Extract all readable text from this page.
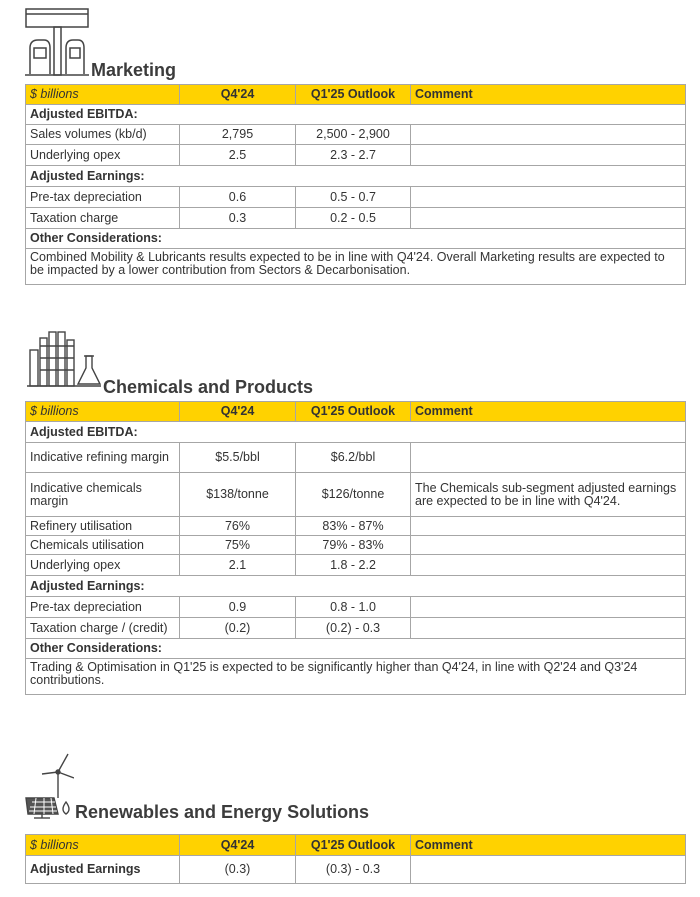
Marketing
$ billions	Q4'24	Q1'25 Outlook	Comment
Adjusted EBITDA:			
Sales volumes (kb/d)	2,795	2,500 - 2,900	
Underlying opex	2.5	2.3 - 2.7	
Adjusted Earnings:			
Pre-tax depreciation	0.6	0.5 - 0.7	
Taxation charge	0.3	0.2 - 0.5	
Other Considerations:			
Combined Mobility & Lubricants results expected to be in line with Q4'24. Overall Marketing results are expected to be impacted by a lower contribution from Sectors & Decarbonisation.			
Chemicals and Products
$ billions	Q4'24	Q1'25 Outlook	Comment
Adjusted EBITDA:			
Indicative refining margin	$5.5/bbl	$6.2/bbl	
Indicative chemicals margin	$138/tonne	$126/tonne	The Chemicals sub-segment adjusted earnings are expected to be in line with Q4'24.
Refinery utilisation	76%	83% - 87%	
Chemicals utilisation	75%	79% - 83%	
Underlying opex	2.1	1.8 - 2.2	
Adjusted Earnings:			
Pre-tax depreciation	0.9	0.8 - 1.0	
Taxation charge / (credit)	(0.2)	(0.2) - 0.3	
Other Considerations:			
Trading & Optimisation in Q1'25 is expected to be significantly higher than Q4'24, in line with Q2'24 and Q3'24 contributions.			
Renewables and Energy Solutions
$ billions	Q4'24	Q1'25 Outlook	Comment
Adjusted Earnings	(0.3)	(0.3) - 0.3	
